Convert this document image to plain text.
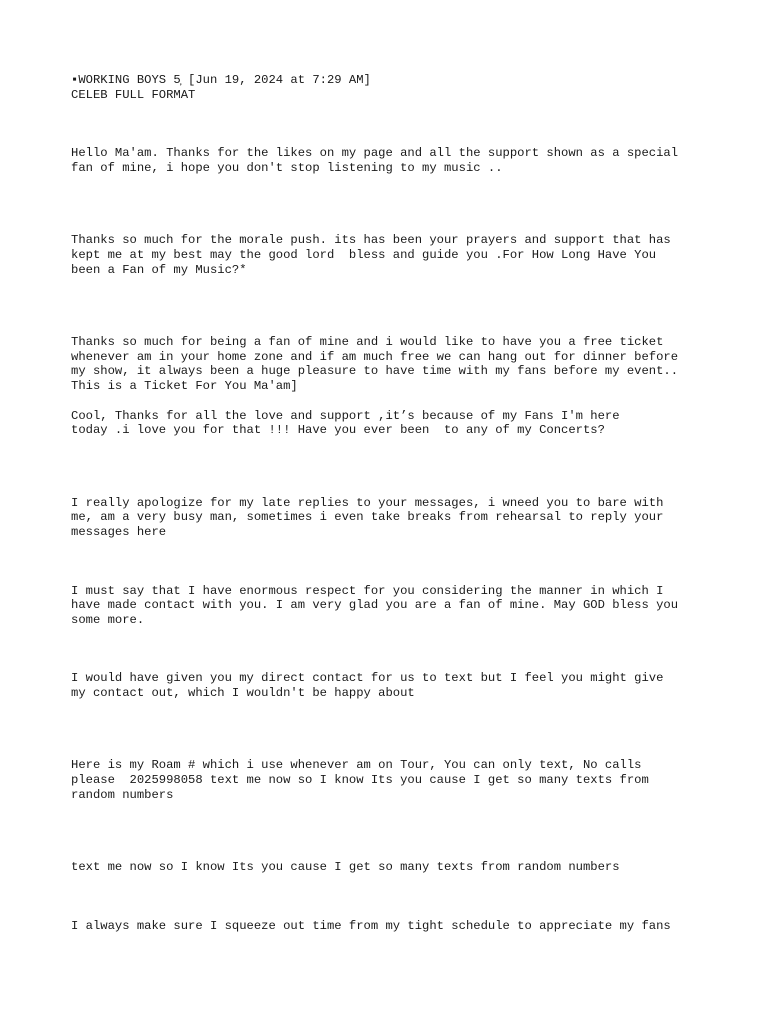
▪WORKING BOYS 5̦ [Jun 19, 2024 at 7:29 AM]
CELEB FULL FORMAT

Hello Ma'am. Thanks for the likes on my page and all the support shown as a special
fan of mine, i hope you don't stop listening to my music ..

Thanks so much for the morale push. its has been your prayers and support that has
kept me at my best may the good lord  bless and guide you .For How Long Have You
been a Fan of my Music?*

Thanks so much for being a fan of mine and i would like to have you a free ticket
whenever am in your home zone and if am much free we can hang out for dinner before
my show, it always been a huge pleasure to have time with my fans before my event..
This is a Ticket For You Ma'am]

Cool, Thanks for all the love and support ,it’s because of my Fans I'm here
today .i love you for that !!! Have you ever been  to any of my Concerts?

I really apologize for my late replies to your messages, i wneed you to bare with
me, am a very busy man, sometimes i even take breaks from rehearsal to reply your
messages here

I must say that I have enormous respect for you considering the manner in which I
have made contact with you. I am very glad you are a fan of mine. May GOD bless you
some more.

I would have given you my direct contact for us to text but I feel you might give
my contact out, which I wouldn't be happy about

Here is my Roam # which i use whenever am on Tour, You can only text, No calls
please  2025998058 text me now so I know Its you cause I get so many texts from
random numbers

text me now so I know Its you cause I get so many texts from random numbers

I always make sure I squeeze out time from my tight schedule to appreciate my fans
